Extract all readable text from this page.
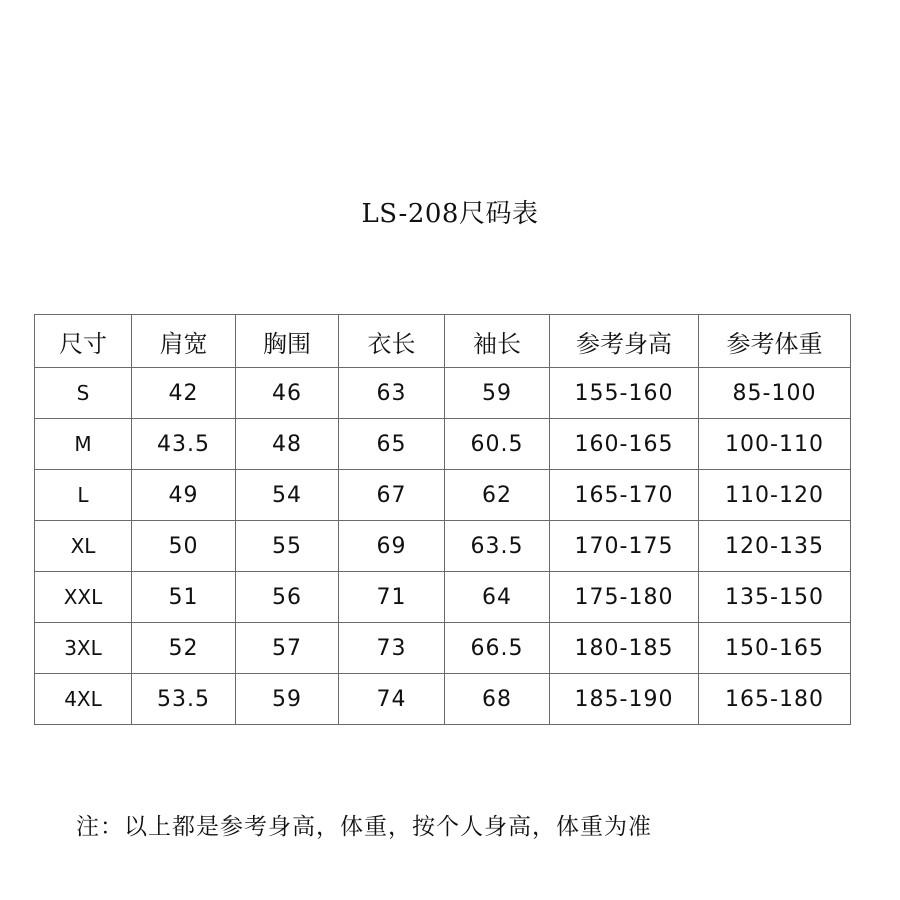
LS-208尺码表
尺寸	肩宽	胸围	衣长	袖长	参考身高	参考体重
S	42	46	63	59	155-160	85-100
M	43.5	48	65	60.5	160-165	100-110
L	49	54	67	62	165-170	110-120
XL	50	55	69	63.5	170-175	120-135
XXL	51	56	71	64	175-180	135-150
3XL	52	57	73	66.5	180-185	150-165
4XL	53.5	59	74	68	185-190	165-180
注：以上都是参考身高，体重，按个人身高，体重为准
